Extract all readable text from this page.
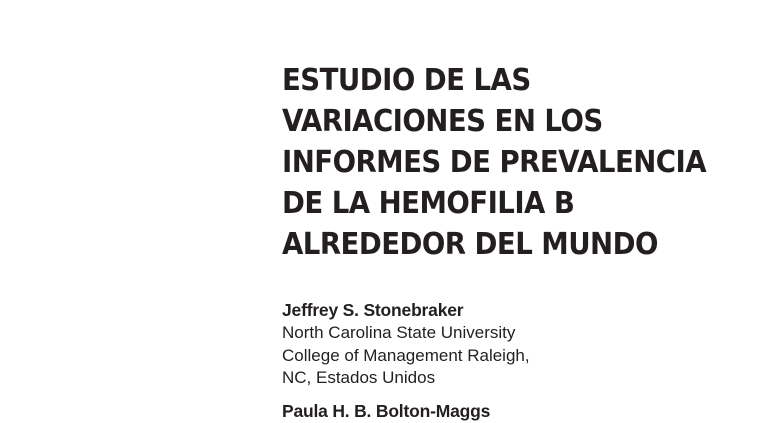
ESTUDIO DE LAS
VARIACIONES EN LOS
INFORMES DE PREVALENCIA
DE LA HEMOFILIA B
ALREDEDOR DEL MUNDO
Jeffrey S. Stonebraker
North Carolina State University
College of Management Raleigh,
NC, Estados Unidos
Paula H. B. Bolton-Maggs
